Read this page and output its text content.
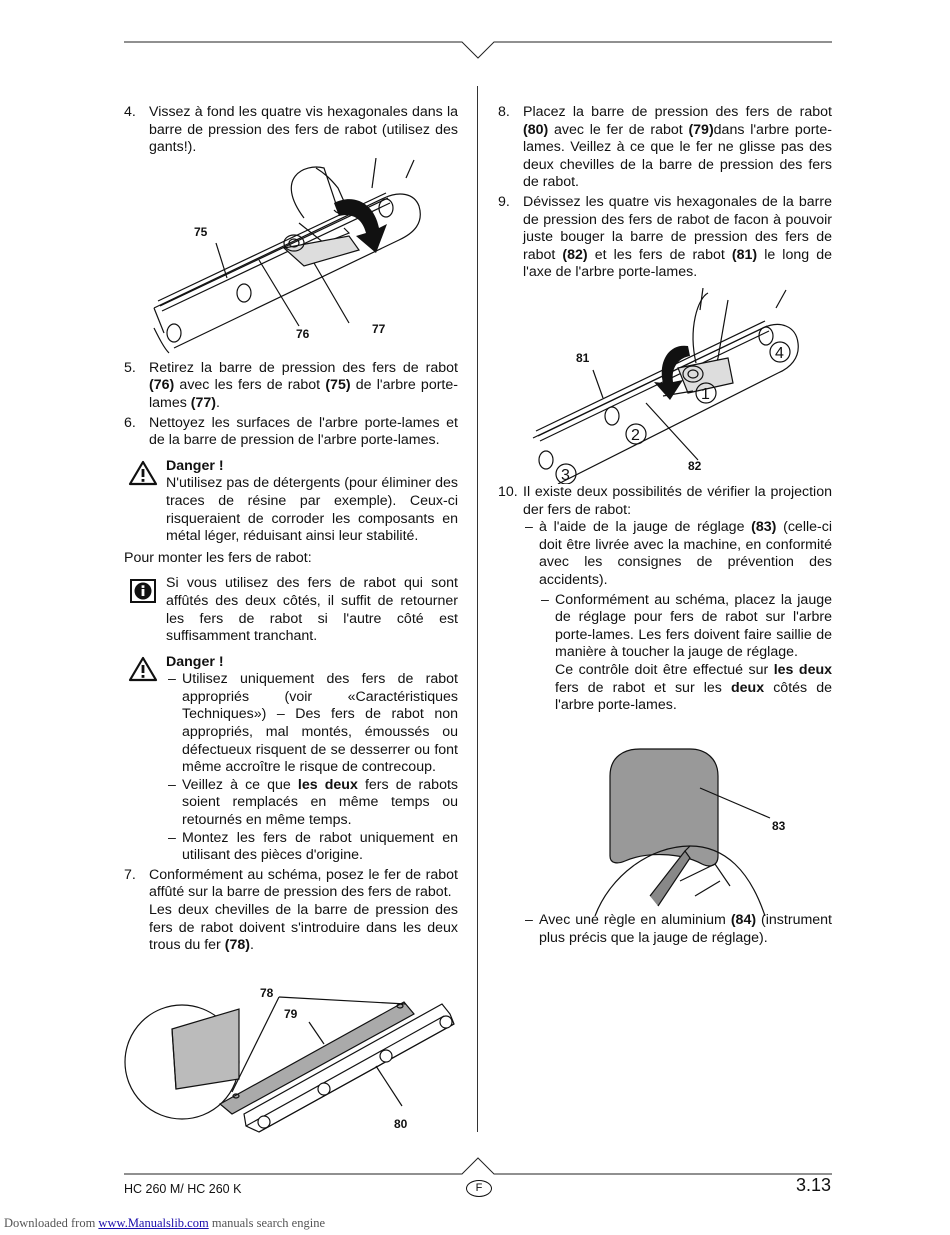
4. Vissez à fond les quatre vis hexagonales dans la barre de pression des fers de rabot (utilisez des gants!).
75
76	77
5. Retirez la barre de pression des fers de rabot (76) avec les fers de rabot (75) de l'arbre porte-lames (77).
6. Nettoyez les surfaces de l'arbre porte-lames et de la barre de pression de l'arbre porte-lames.
Danger !
N'utilisez pas de détergents (pour éliminer des traces de résine par exemple). Ceux-ci risqueraient de corroder les composants en métal léger, réduisant ainsi leur stabilité.

Pour monter les fers de rabot:

Si vous utilisez des fers de rabot qui sont affûtés des deux côtés, il suffit de retourner les fers de rabot si l'autre côté est suffisamment tranchant.
Danger !
– Utilisez uniquement des fers de rabot appropriés (voir «Caractéristiques Techniques») – Des fers de rabot non appropriés, mal montés, émoussés ou défectueux risquent de se desserrer ou font même accroître le risque de contrecoup.
– Veillez à ce que les deux fers de rabots soient remplacés en même temps ou retournés en même temps.
– Montez les fers de rabot uniquement en utilisant des pièces d'origine.
7. Conformément au schéma, posez le fer de rabot affûté sur la barre de pression des fers de rabot.
Les deux chevilles de la barre de pression des fers de rabot doivent s'introduire dans les deux trous du fer (78).
78
79
80
8. Placez la barre de pression des fers de rabot (80) avec le fer de rabot (79)dans l'arbre porte-lames. Veillez à ce que le fer ne glisse pas des deux chevilles de la barre de pression des fers de rabot.
9. Dévissez les quatre vis hexagonales de la barre de pression des fers de rabot de facon à pouvoir juste bouger la barre de pression des fers de rabot (82) et les fers de rabot (81) le long de l'axe de l'arbre porte-lames.
81
82
1
2
3
4
10. Il existe deux possibilités de vérifier la projection der fers de rabot:
– à l'aide de la jauge de réglage (83) (celle-ci doit être livrée avec la machine, en conformité avec les consignes de prévention des accidents).
– Conformément au schéma, placez la jauge de réglage pour fers de rabot sur l'arbre porte-lames. Les fers doivent faire saillie de manière à toucher la jauge de réglage.
Ce contrôle doit être effectué sur les deux fers de rabot et sur les deux côtés de l'arbre porte-lames.
83
– Avec une règle en aluminium (84) (instrument plus précis que la jauge de réglage).
HC 260 M/ HC 260 K	F	3.13
Downloaded from www.Manualslib.com manuals search engine
